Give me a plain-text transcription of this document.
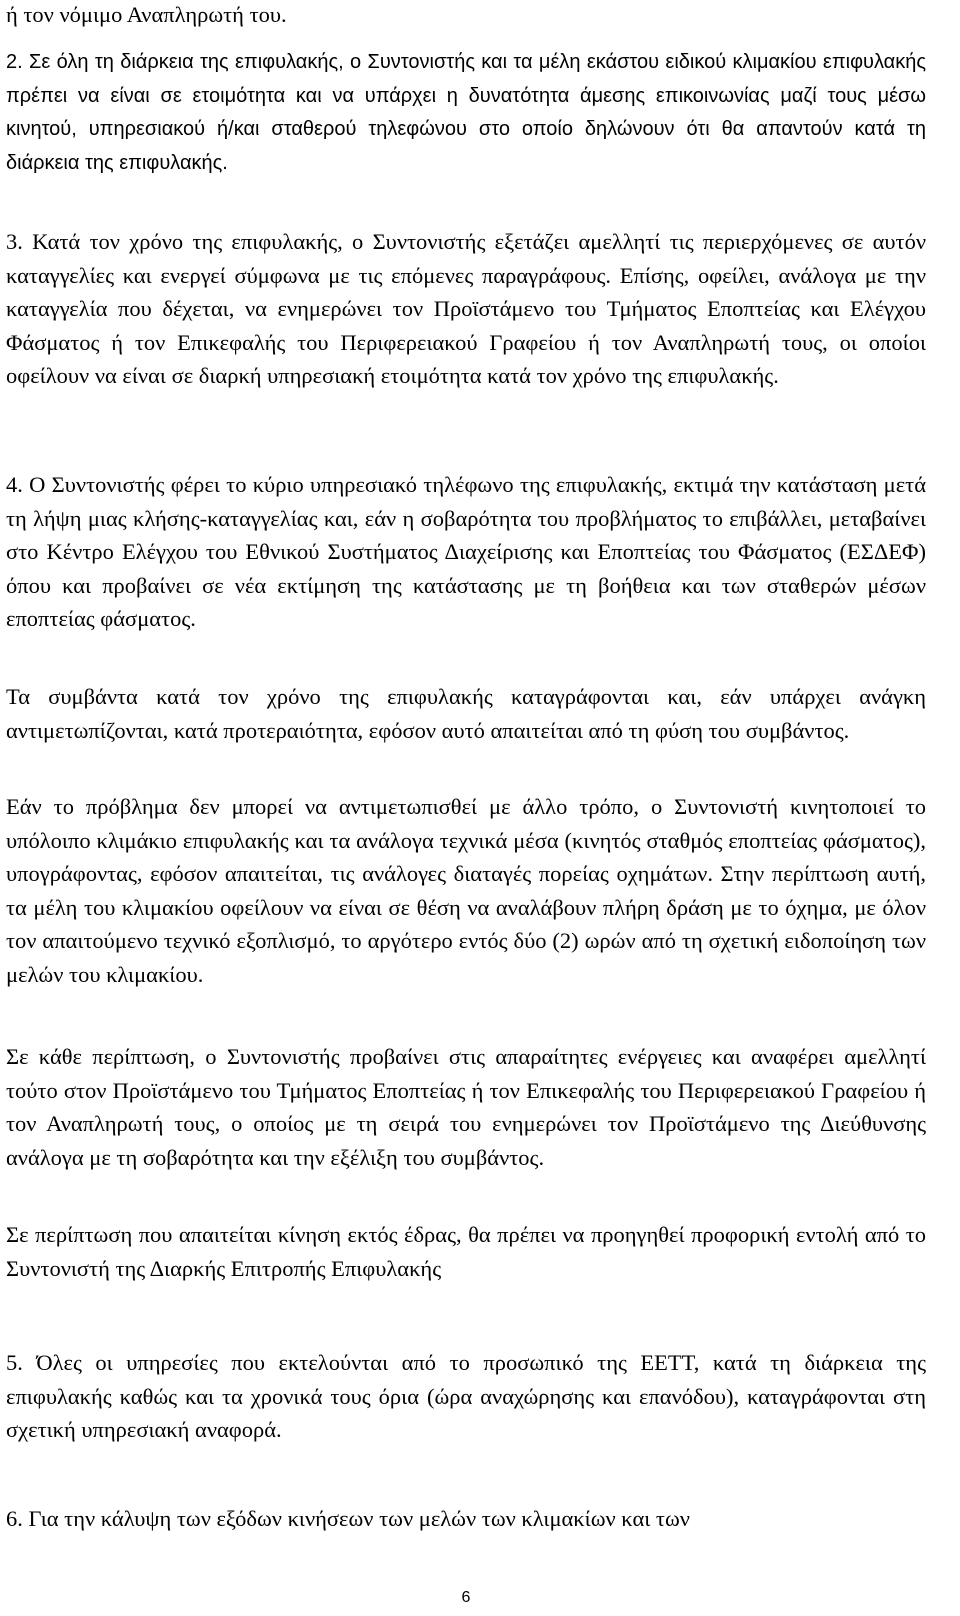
ή τον νόμιμο Αναπληρωτή του.

2. Σε όλη τη διάρκεια της επιφυλακής, ο Συντονιστής και τα μέλη εκάστου ειδικού κλιμακίου επιφυλακής πρέπει να είναι σε ετοιμότητα και να υπάρχει η δυνατότητα άμεσης επικοινωνίας μαζί τους μέσω κινητού, υπηρεσιακού ή/και σταθερού τηλεφώνου στο οποίο δηλώνουν ότι θα απαντούν κατά τη διάρκεια της επιφυλακής.

3. Κατά τον χρόνο της επιφυλακής, ο Συντονιστής εξετάζει αμελλητί τις περιερχόμενες σε αυτόν καταγγελίες και ενεργεί σύμφωνα με τις επόμενες παραγράφους. Επίσης, οφείλει, ανάλογα με την καταγγελία που δέχεται, να ενημερώνει τον Προϊστάμενο του Τμήματος Εποπτείας και Ελέγχου Φάσματος ή τον Επικεφαλής του Περιφερειακού Γραφείου ή τον Αναπληρωτή τους, οι οποίοι οφείλουν να είναι σε διαρκή υπηρεσιακή ετοιμότητα κατά τον χρόνο της επιφυλακής.

4. Ο Συντονιστής φέρει το κύριο υπηρεσιακό τηλέφωνο της επιφυλακής, εκτιμά την κατάσταση μετά τη λήψη μιας κλήσης-καταγγελίας και, εάν η σοβαρότητα του προβλήματος το επιβάλλει, μεταβαίνει στο Κέντρο Ελέγχου του Εθνικού Συστήματος Διαχείρισης και Εποπτείας του Φάσματος (ΕΣΔΕΦ) όπου και προβαίνει σε νέα εκτίμηση της κατάστασης με τη βοήθεια και των σταθερών μέσων εποπτείας φάσματος.

Τα συμβάντα κατά τον χρόνο της επιφυλακής καταγράφονται και, εάν υπάρχει ανάγκη αντιμετωπίζονται, κατά προτεραιότητα, εφόσον αυτό απαιτείται από τη φύση του συμβάντος.

Εάν το πρόβλημα δεν μπορεί να αντιμετωπισθεί με άλλο τρόπο, ο Συντονιστή κινητοποιεί το υπόλοιπο κλιμάκιο επιφυλακής και τα ανάλογα τεχνικά μέσα (κινητός σταθμός εποπτείας φάσματος), υπογράφοντας, εφόσον απαιτείται, τις ανάλογες διαταγές πορείας οχημάτων. Στην περίπτωση αυτή, τα μέλη του κλιμακίου οφείλουν να είναι σε θέση να αναλάβουν πλήρη δράση με το όχημα, με όλον τον απαιτούμενο τεχνικό εξοπλισμό, το αργότερο εντός δύο (2) ωρών από τη σχετική ειδοποίηση των μελών του κλιμακίου.

Σε κάθε περίπτωση, ο Συντονιστής προβαίνει στις απαραίτητες ενέργειες και αναφέρει αμελλητί τούτο στον Προϊστάμενο του Τμήματος Εποπτείας ή τον Επικεφαλής του Περιφερειακού Γραφείου ή τον Αναπληρωτή τους, ο οποίος με τη σειρά του ενημερώνει τον Προϊστάμενο της Διεύθυνσης ανάλογα με τη σοβαρότητα και την εξέλιξη του συμβάντος.

Σε περίπτωση που απαιτείται κίνηση εκτός έδρας, θα πρέπει να προηγηθεί προφορική εντολή από το Συντονιστή της Διαρκής Επιτροπής Επιφυλακής

5. Όλες οι υπηρεσίες που εκτελούνται από το προσωπικό της ΕΕΤΤ, κατά τη διάρκεια της επιφυλακής καθώς και τα χρονικά τους όρια (ώρα αναχώρησης και επανόδου), καταγράφονται στη σχετική υπηρεσιακή αναφορά.

6. Για την κάλυψη των εξόδων κινήσεων των μελών των κλιμακίων και των

6
